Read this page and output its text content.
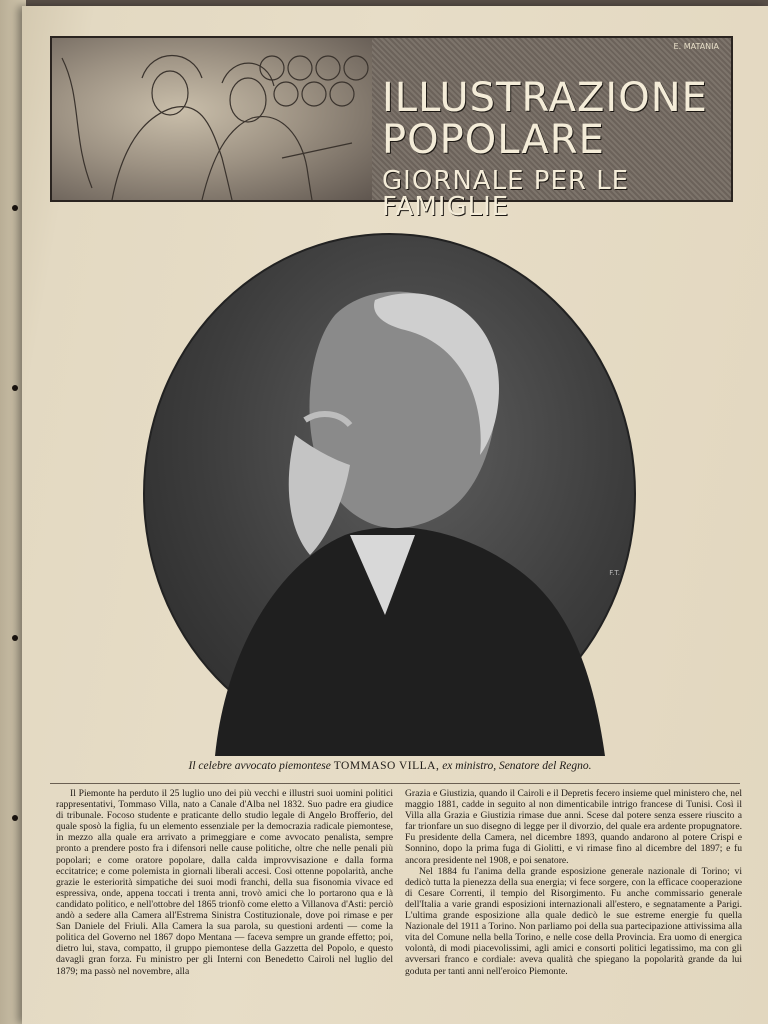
E. MATANIA
ILLUSTRAZIONE
POPOLARE
GIORNALE PER LE FAMIGLIE
F.T.
Il celebre avvocato piemontese TOMMASO VILLA, ex ministro, Senatore del Regno.

Il Piemonte ha perduto il 25 luglio uno dei più vecchi e illustri suoi uomini politici rappresentativi, Tommaso Villa, nato a Canale d'Alba nel 1832. Suo padre era giudice di tribunale. Focoso studente e praticante dello studio legale di Angelo Brofferio, del quale sposò la figlia, fu un elemento essenziale per la democrazia radicale piemontese, in mezzo alla quale era arrivato a primeggiare e come avvocato penalista, sempre pronto a prendere posto fra i difensori nelle cause politiche, oltre che nelle penali più popolari; e come oratore popolare, dalla calda improvvisazione e dalla forma eccitatrice; e come polemista in giornali liberali accesi. Così ottenne popolarità, anche grazie le esteriorità simpatiche dei suoi modi franchi, della sua fisonomia vivace ed espressiva, onde, appena toccati i trenta anni, trovò amici che lo portarono qua e là candidato politico, e nell'ottobre del 1865 trionfò come eletto a Villanova d'Asti: perciò andò a sedere alla Camera all'Estrema Sinistra Costituzionale, dove poi rimase e per San Daniele del Friuli. Alla Camera la sua parola, su questioni ardenti — come la politica del Governo nel 1867 dopo Mentana — faceva sempre un grande effetto; poi, dietro lui, stava, compatto, il gruppo piemontese della Gazzetta del Popolo, e questo davagli gran forza. Fu ministro per gli Interni con Benedetto Cairoli nel luglio del 1879; ma passò nel novembre, alla

Grazia e Giustizia, quando il Cairoli e il Depretis fecero insieme quel ministero che, nel maggio 1881, cadde in seguito al non dimenticabile intrigo francese di Tunisi. Così il Villa alla Grazia e Giustizia rimase due anni. Scese dal potere senza essere riuscito a far trionfare un suo disegno di legge per il divorzio, del quale era ardente propugnatore. Fu presidente della Camera, nel dicembre 1893, quando andarono al potere Crispi e Sonnino, dopo la prima fuga di Giolitti, e vi rimase fino al dicembre del 1897; e fu ancora presidente nel 1908, e poi senatore.

Nel 1884 fu l'anima della grande esposizione generale nazionale di Torino; vi dedicò tutta la pienezza della sua energia; vi fece sorgere, con la efficace cooperazione di Cesare Correnti, il tempio del Risorgimento. Fu anche commissario generale dell'Italia a varie grandi esposizioni internazionali all'estero, e segnatamente a Parigi. L'ultima grande esposizione alla quale dedicò le sue estreme energie fu quella Nazionale del 1911 a Torino. Non parliamo poi della sua partecipazione attivissima alla vita del Comune nella bella Torino, e nelle cose della Provincia. Era uomo di energica volontà, di modi piacevolissimi, agli amici e consorti politici legatissimo, ma con gli avversari franco e cordiale: aveva qualità che spiegano la popolarità grande da lui goduta per tanti anni nell'eroico Piemonte.
